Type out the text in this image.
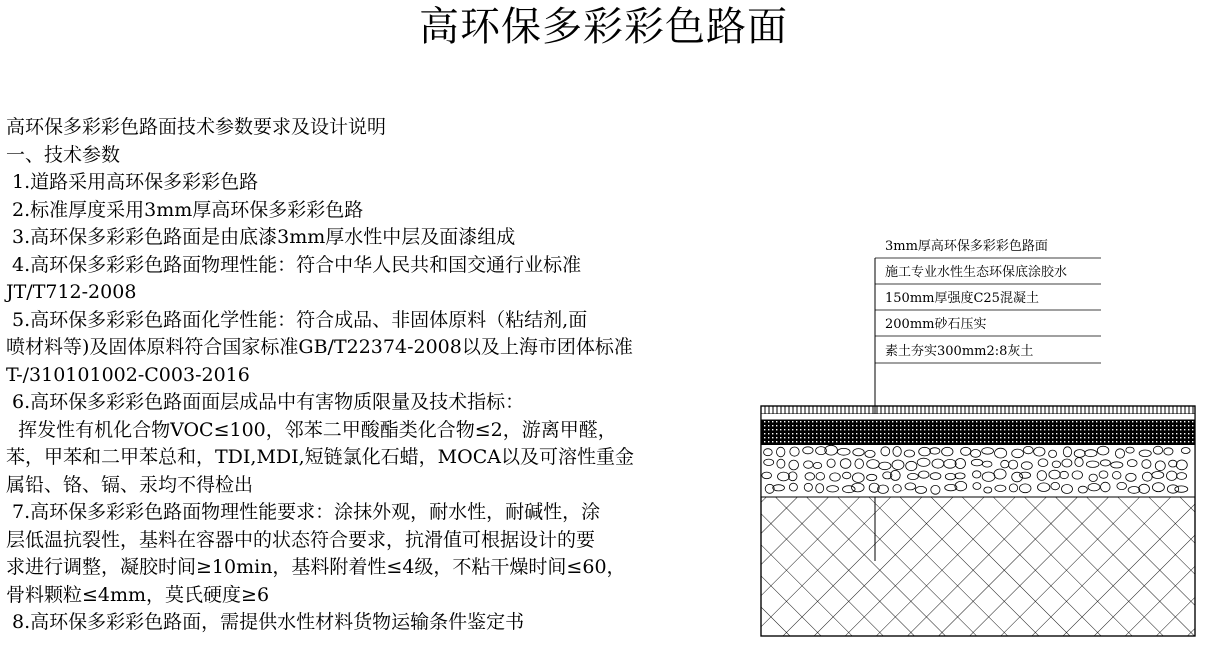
高环保多彩彩色路面
高环保多彩彩色路面技术参数要求及设计说明
一、技术参数
1.道路采用高环保多彩彩色路
2.标准厚度采用3mm厚高环保多彩彩色路
3.高环保多彩彩色路面是由底漆3mm厚水性中层及面漆组成
4.高环保多彩彩色路面物理性能：符合中华人民共和国交通行业标准
JT/T712-2008
5.高环保多彩彩色路面化学性能：符合成品、非固体原料（粘结剂,面
喷材料等)及固体原料符合国家标准GB/T22374-2008以及上海市团体标准
T-/310101002-C003-2016
6.高环保多彩彩色路面面层成品中有害物质限量及技术指标：
挥发性有机化合物VOC≤100，邻苯二甲酸酯类化合物≤2，游离甲醛，
苯，甲苯和二甲苯总和，TDI,MDI,短链氯化石蜡，MOCA以及可溶性重金
属铅、铬、镉、汞均不得检出
7.高环保多彩彩色路面物理性能要求：涂抹外观，耐水性，耐碱性，涂
层低温抗裂性，基料在容器中的状态符合要求，抗滑值可根据设计的要
求进行调整，凝胶时间≥10min，基料附着性≤4级，不粘干燥时间≤60，
骨料颗粒≤4mm，莫氏硬度≥6
8.高环保多彩彩色路面，需提供水性材料货物运输条件鉴定书
3mm厚高环保多彩彩色路面
施工专业水性生态环保底涂胶水
150mm厚强度C25混凝土
200mm砂石压实
素土夯实300mm2:8灰土
